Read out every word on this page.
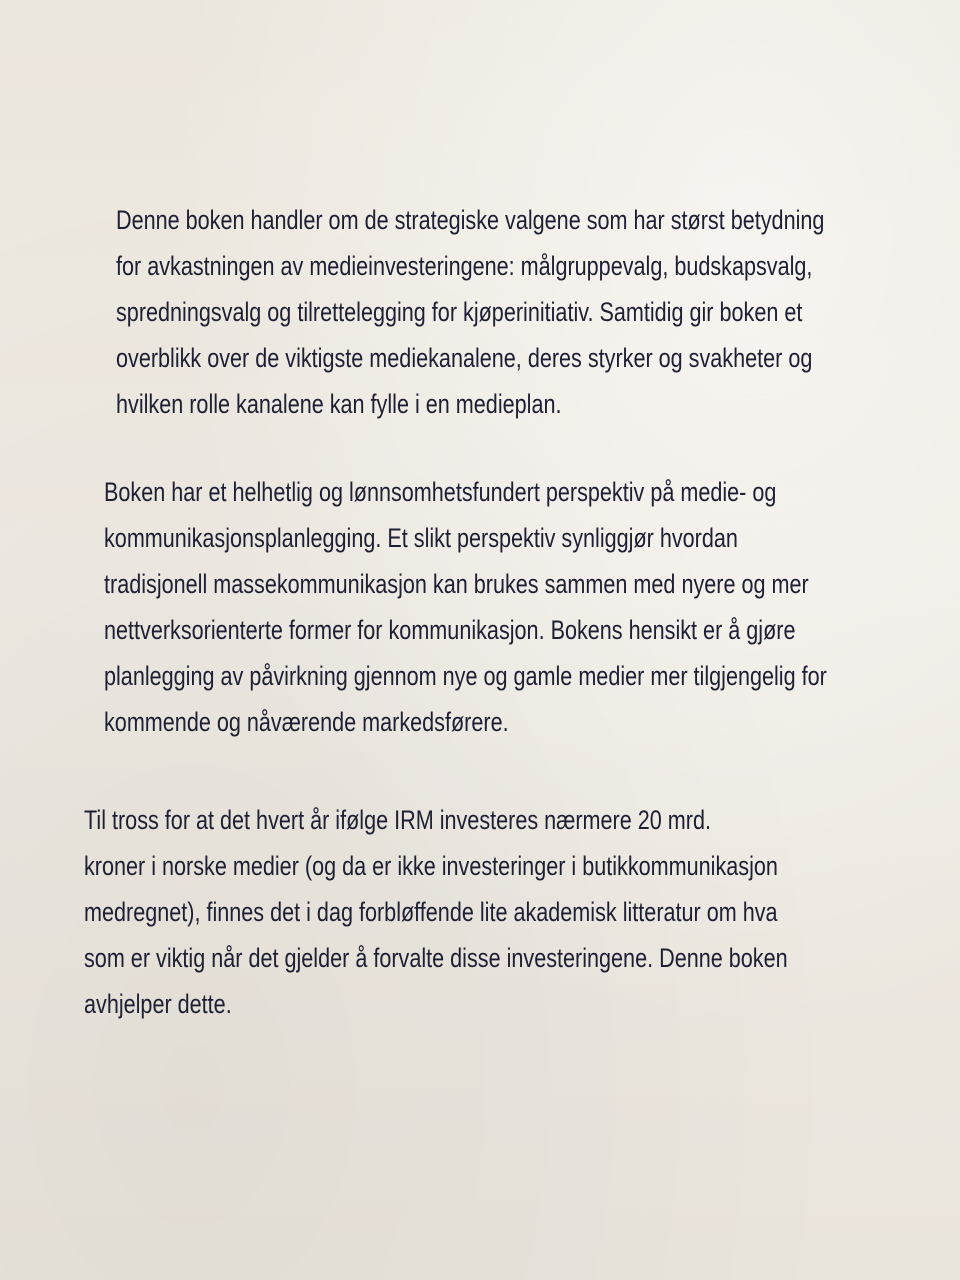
Denne boken handler om de strategiske valgene som har størst betydning
for avkastningen av medieinvesteringene: målgruppevalg, budskapsvalg,
spredningsvalg og tilrettelegging for kjøperinitiativ. Samtidig gir boken et
overblikk over de viktigste mediekanalene, deres styrker og svakheter og
hvilken rolle kanalene kan fylle i en medieplan.

Boken har et helhetlig og lønnsomhetsfundert perspektiv på medie- og
kommunikasjonsplanlegging. Et slikt perspektiv synliggjør hvordan
tradisjonell massekommunikasjon kan brukes sammen med nyere og mer
nettverksorienterte former for kommunikasjon. Bokens hensikt er å gjøre
planlegging av påvirkning gjennom nye og gamle medier mer tilgjengelig for
kommende og nåværende markedsførere.

Til tross for at det hvert år ifølge IRM investeres nærmere 20 mrd.
kroner i norske medier (og da er ikke investeringer i butikkommunikasjon
medregnet), finnes det i dag forbløffende lite akademisk litteratur om hva
som er viktig når det gjelder å forvalte disse investeringene. Denne boken
avhjelper dette.
